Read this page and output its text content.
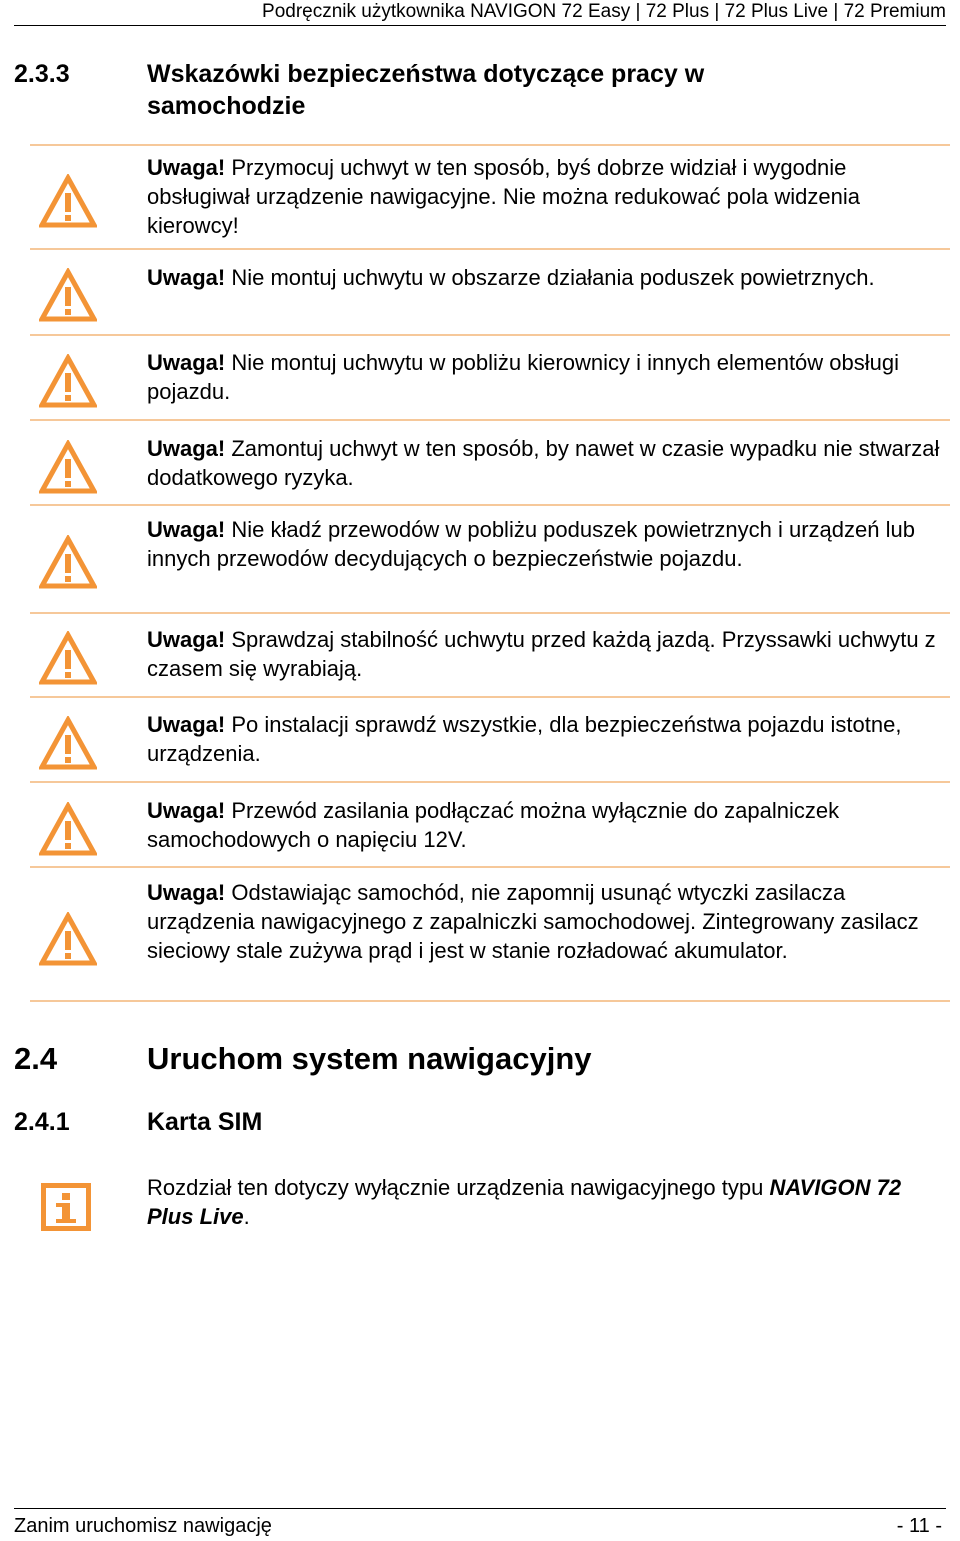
Podręcznik użytkownika NAVIGON 72 Easy | 72 Plus | 72 Plus Live | 72 Premium
2.3.3	Wskazówki bezpieczeństwa dotyczące pracy w samochodzie
Uwaga! Przymocuj uchwyt w ten sposób, byś dobrze widział i wygodnie obsługiwał urządzenie nawigacyjne. Nie można redukować pola widzenia kierowcy!
Uwaga! Nie montuj uchwytu w obszarze działania poduszek powietrznych.
Uwaga! Nie montuj uchwytu w pobliżu kierownicy i innych elementów obsługi pojazdu.
Uwaga! Zamontuj uchwyt w ten sposób, by nawet w czasie wypadku nie stwarzał dodatkowego ryzyka.
Uwaga! Nie kładź przewodów w pobliżu poduszek powietrznych i urządzeń lub innych przewodów decydujących o bezpieczeństwie pojazdu.
Uwaga! Sprawdzaj stabilność uchwytu przed każdą jazdą. Przyssawki uchwytu z czasem się wyrabiają.
Uwaga! Po instalacji sprawdź wszystkie, dla bezpieczeństwa pojazdu istotne, urządzenia.
Uwaga! Przewód zasilania podłączać można wyłącznie do zapalniczek samochodowych o napięciu 12V.
Uwaga! Odstawiając samochód, nie zapomnij usunąć wtyczki zasilacza urządzenia nawigacyjnego z zapalniczki samochodowej. Zintegrowany zasilacz sieciowy stale zużywa prąd i jest w stanie rozładować akumulator.
2.4	Uruchom system nawigacyjny
2.4.1	Karta SIM
Rozdział ten dotyczy wyłącznie urządzenia nawigacyjnego typu NAVIGON 72 Plus Live.
Zanim uruchomisz nawigację	- 11 -
